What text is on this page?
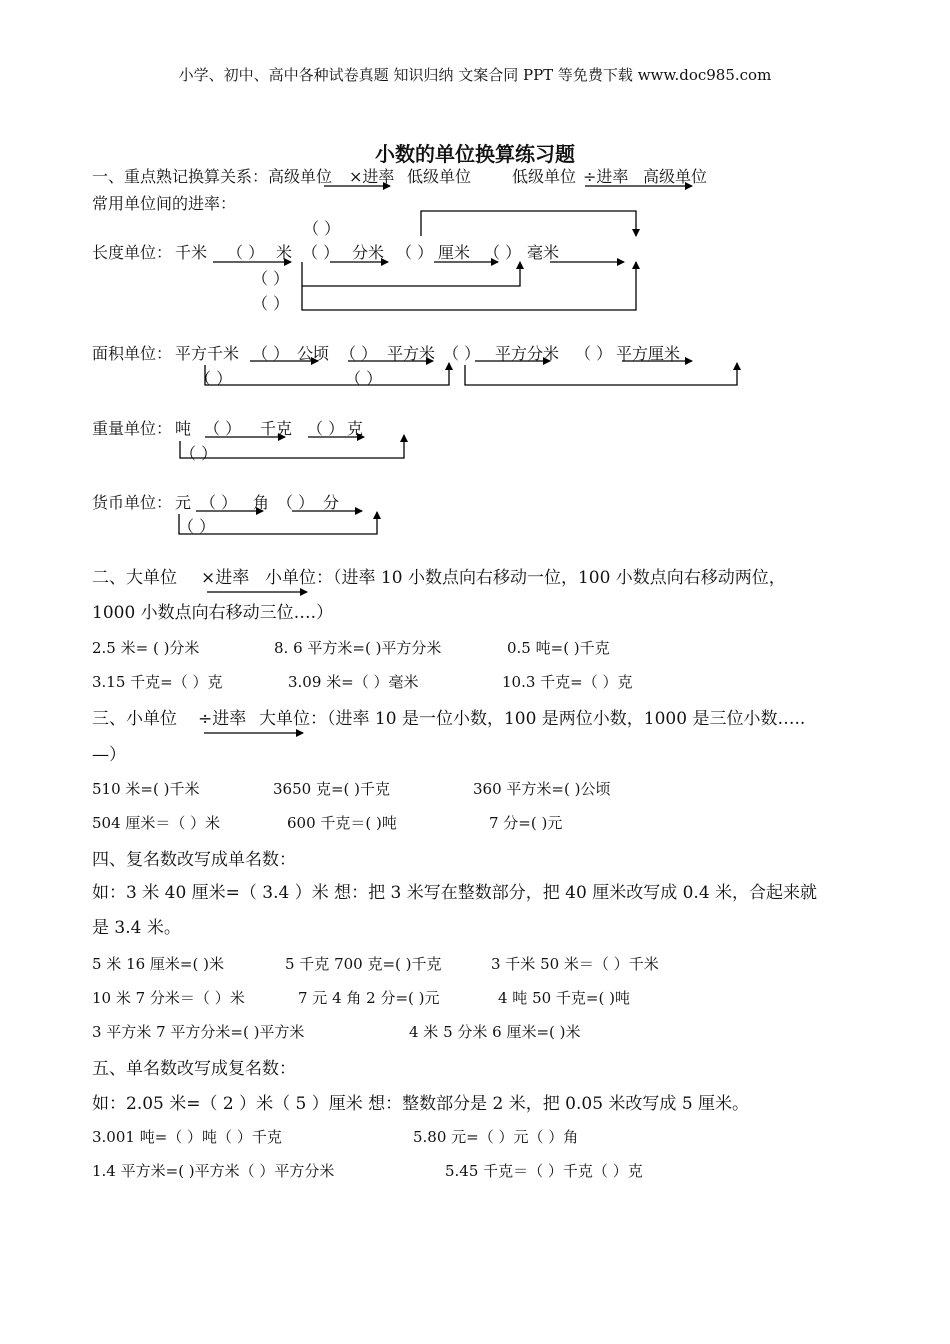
小学、初中、高中各种试卷真题 知识归纳 文案合同 PPT 等免费下载 www.doc985.com
小数的单位换算练习题
一、重点熟记换算关系：高级单位 ×进率 低级单位	低级单位 ÷进率 高级单位
常用单位间的进率：
长度单位： 千米 （ ） 米 （ ） 分米 （ ） 厘米 （ ） 毫米
（ ）
（ ）
（ ）
面积单位： 平方千米 （ ） 公顷 （ ） 平方米 （ ） 平方分米 （ ） 平方厘米
（ ）	（ ）
重量单位： 吨 （ ） 千克 （ ） 克
（ ）
货币单位： 元 （ ） 角 （ ） 分
（ ）
二、大单位 ×进率 小单位：（进率 10 小数点向右移动一位，100 小数点向右移动两位，
1000 小数点向右移动三位….）
2.5 米= ( )分米	8. 6 平方米=( )平方分米	0.5 吨=( )千克
3.15 千克=（ ）克	3.09 米=（ ）毫米	10.3 千克=（ ）克
三、小单位 ÷进率 大单位：（进率 10 是一位小数，100 是两位小数，1000 是三位小数…..
—）
510 米=( )千米	3650 克=( )千克	360 平方米=( )公顷
504 厘米＝（ ）米	600 千克＝( )吨	7 分=( )元
四、复名数改写成单名数：
如：3 米 40 厘米=（ 3.4 ）米 想：把 3 米写在整数部分，把 40 厘米改写成 0.4 米，合起来就
是 3.4 米。
5 米 16 厘米=( )米	5 千克 700 克=( )千克	3 千米 50 米＝（ ）千米
10 米 7 分米＝（ ）米	7 元 4 角 2 分=( )元	4 吨 50 千克=( )吨
3 平方米 7 平方分米=( )平方米	4 米 5 分米 6 厘米=( )米
五、单名数改写成复名数：
如：2.05 米=（ 2 ）米（ 5 ）厘米 想：整数部分是 2 米，把 0.05 米改写成 5 厘米。
3.001 吨=（ ）吨（ ）千克	5.80 元=（ ）元（ ）角
1.4 平方米=( )平方米（ ）平方分米	5.45 千克＝（ ）千克（ ）克
